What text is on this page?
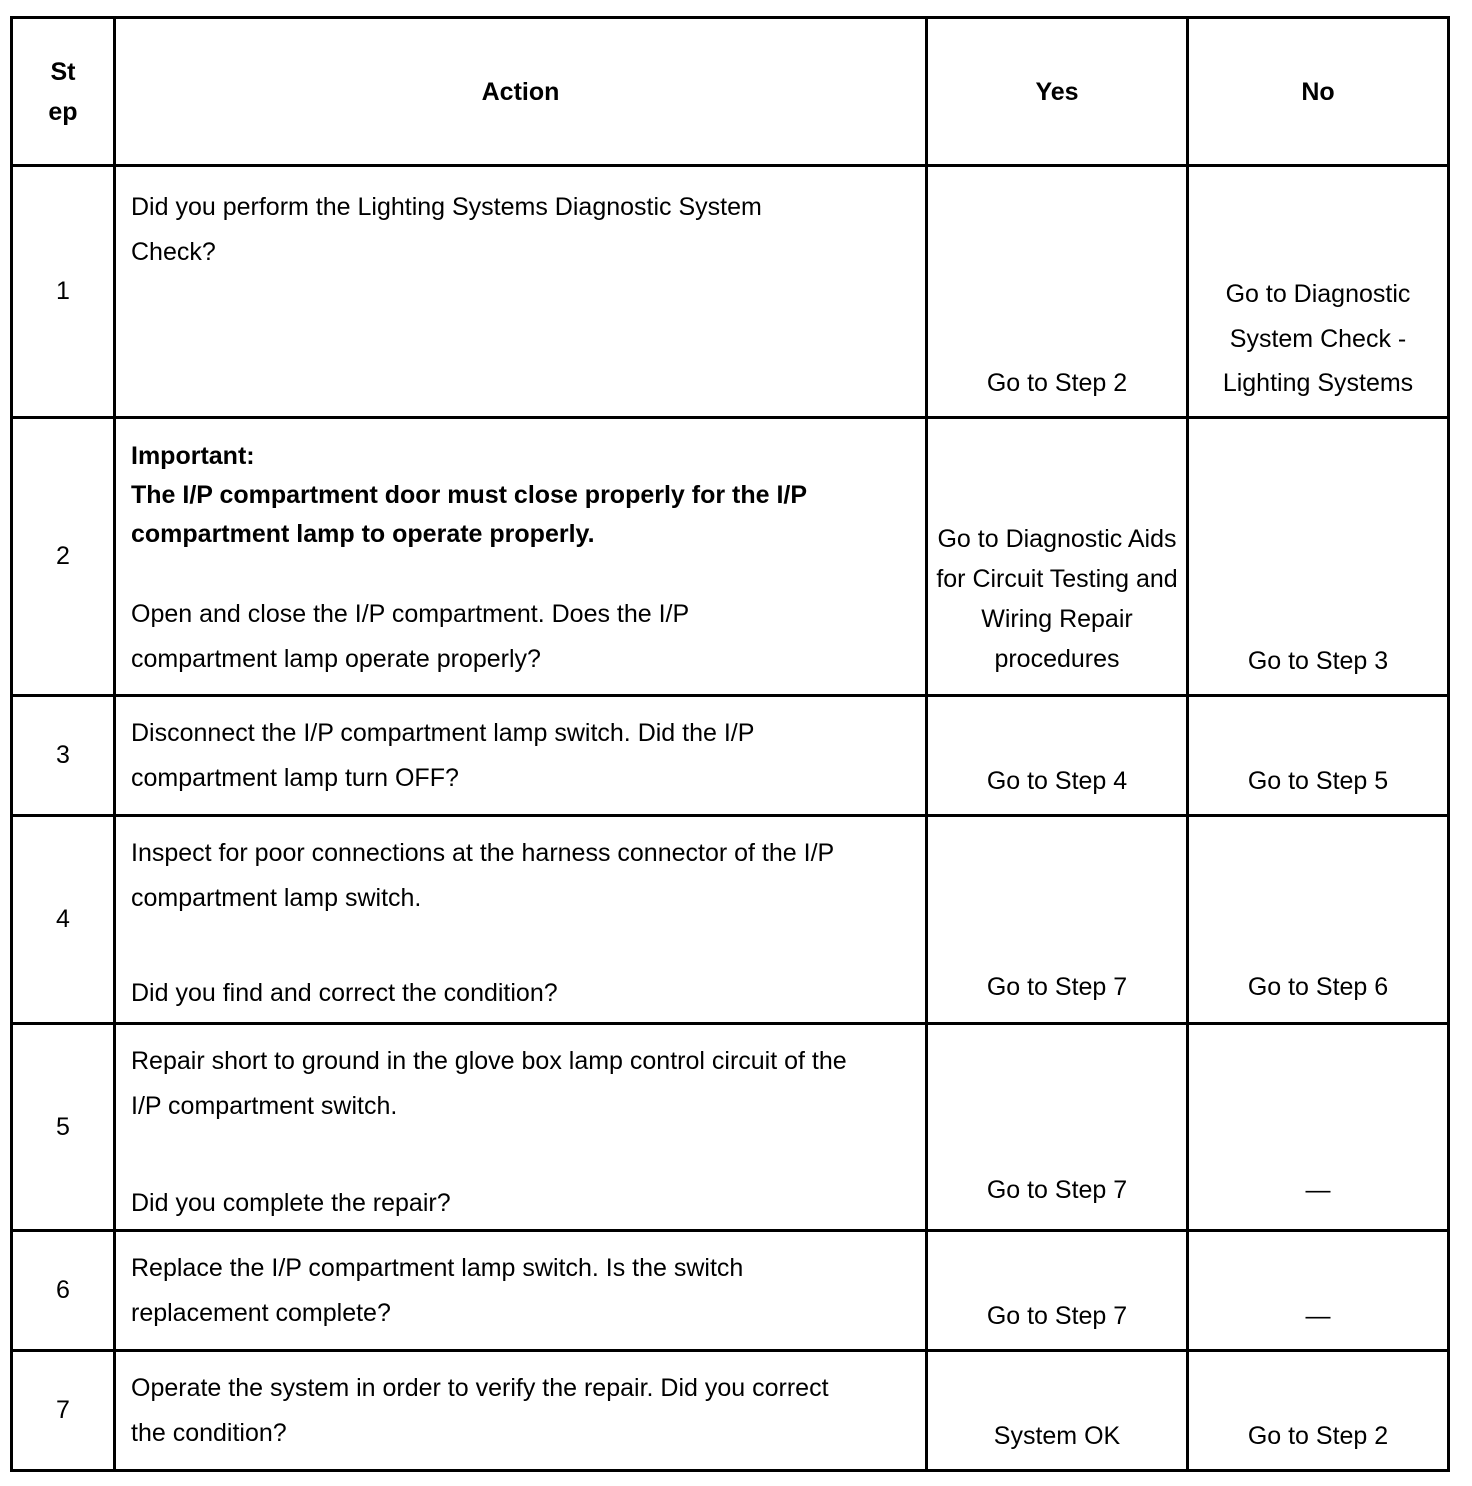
St ep	Action	Yes	No
1	Did you perform the Lighting Systems Diagnostic System Check?	Go to Step 2	Go to Diagnostic System Check - Lighting Systems
2	Important:
The I/P compartment door must close properly for the I/P compartment lamp to operate properly.
Open and close the I/P compartment. Does the I/P compartment lamp operate properly?	Go to Diagnostic Aids for Circuit Testing and Wiring Repair procedures	Go to Step 3
3	Disconnect the I/P compartment lamp switch. Did the I/P compartment lamp turn OFF?	Go to Step 4	Go to Step 5
4	Inspect for poor connections at the harness connector of the I/P compartment lamp switch.
Did you find and correct the condition?	Go to Step 7	Go to Step 6
5	Repair short to ground in the glove box lamp control circuit of the I/P compartment switch.
Did you complete the repair?	Go to Step 7	—
6	Replace the I/P compartment lamp switch. Is the switch replacement complete?	Go to Step 7	—
7	Operate the system in order to verify the repair. Did you correct the condition?	System OK	Go to Step 2
